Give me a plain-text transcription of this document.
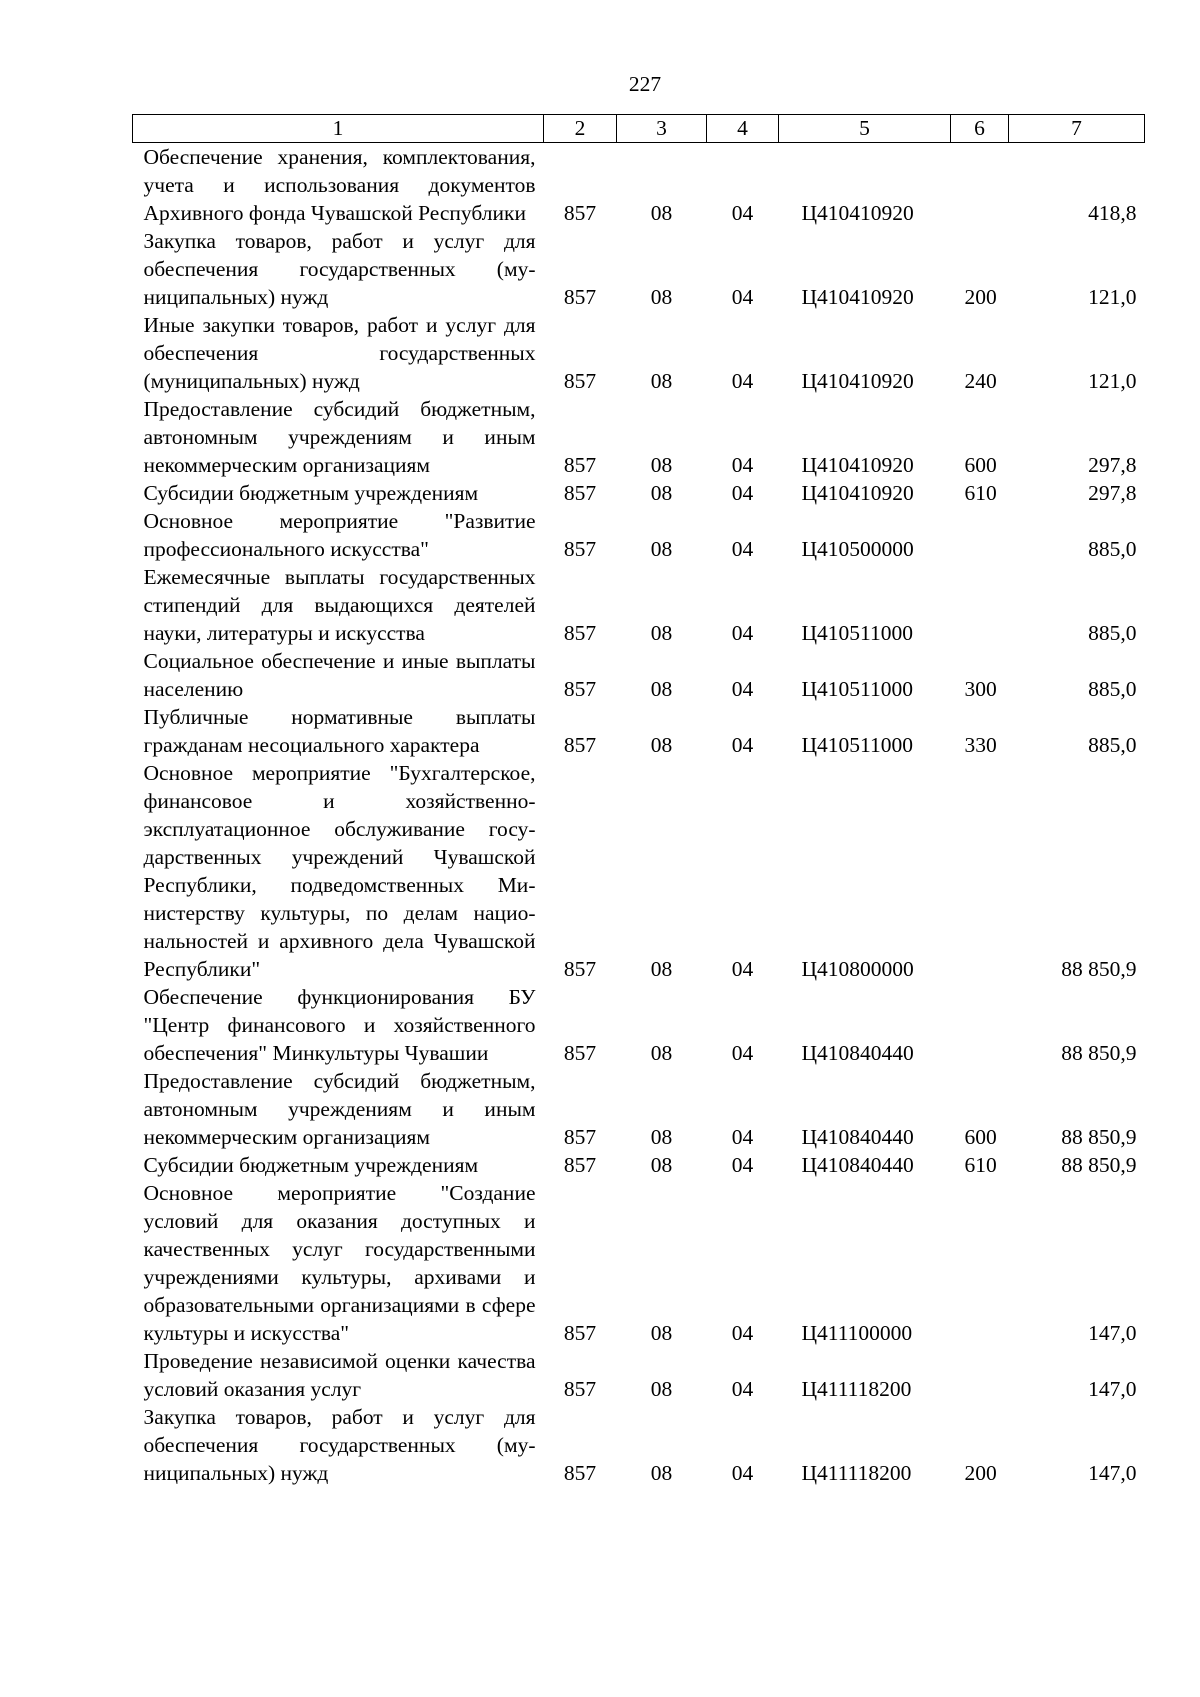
227
1	2	3	4	5	6	7
Обеспечение хранения, комплектования, учета и использования документов Архивного фонда Чувашской Республики	857	08	04	Ц410410920		418,8
Закупка товаров, работ и услуг для обеспечения государственных (муниципальных) нужд	857	08	04	Ц410410920	200	121,0
Иные закупки товаров, работ и услуг для обеспечения государственных (муниципальных) нужд	857	08	04	Ц410410920	240	121,0
Предоставление субсидий бюджетным, автономным учреждениям и иным некоммерческим организациям	857	08	04	Ц410410920	600	297,8
Субсидии бюджетным учреждениям	857	08	04	Ц410410920	610	297,8
Основное мероприятие "Развитие профессионального искусства"	857	08	04	Ц410500000		885,0
Ежемесячные выплаты государственных стипендий для выдающихся деятелей науки, литературы и искусства	857	08	04	Ц410511000		885,0
Социальное обеспечение и иные выплаты населению	857	08	04	Ц410511000	300	885,0
Публичные нормативные выплаты гражданам несоциального характера	857	08	04	Ц410511000	330	885,0
Основное мероприятие "Бухгалтерское, финансовое и хозяйственно-эксплуатационное обслуживание государственных учреждений Чувашской Республики, подведомственных Министерству культуры, по делам национальностей и архивного дела Чувашской Республики"	857	08	04	Ц410800000		88 850,9
Обеспечение функционирования БУ "Центр финансового и хозяйственного обеспечения" Минкультуры Чувашии	857	08	04	Ц410840440		88 850,9
Предоставление субсидий бюджетным, автономным учреждениям и иным некоммерческим организациям	857	08	04	Ц410840440	600	88 850,9
Субсидии бюджетным учреждениям	857	08	04	Ц410840440	610	88 850,9
Основное мероприятие "Создание условий для оказания доступных и качественных услуг государственными учреждениями культуры, архивами и образовательными организациями в сфере культуры и искусства"	857	08	04	Ц411100000		147,0
Проведение независимой оценки качества условий оказания услуг	857	08	04	Ц411118200		147,0
Закупка товаров, работ и услуг для обеспечения государственных (муниципальных) нужд	857	08	04	Ц411118200	200	147,0
